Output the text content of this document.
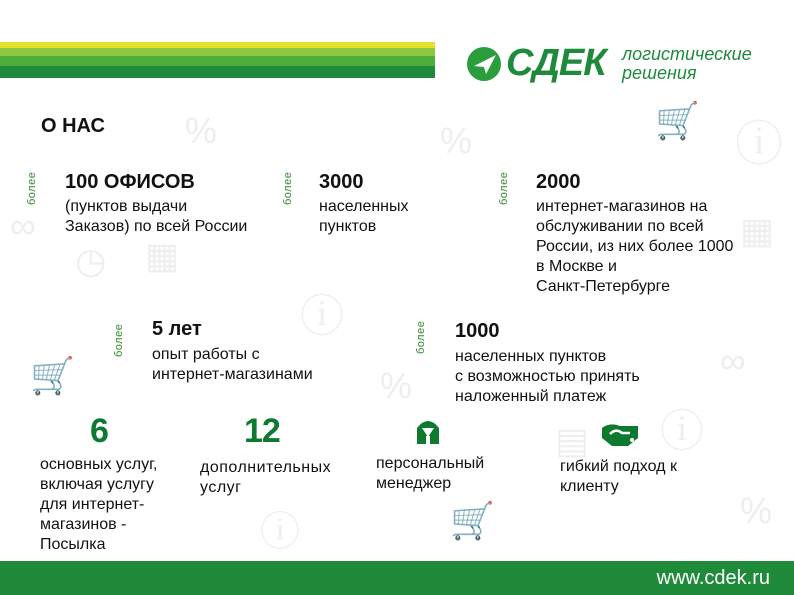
ⓘ
🛒
▦
◷
%
ⓘ
🛒	%
∞
ⓘ
▤
▦
ⓘ	🛒
∞
%
%
СДЕК логистические
решения
О НАС
более 100 ОФИСОВ
(пунктов выдачи
Заказов) по всей России
более 3000
населенных
пунктов
более 2000
интернет-магазинов на
обслуживании по всей
России, из них более 1000
в Москве и
Санкт-Петербурге
более 5 лет
опыт работы с
интернет-магазинами
более 1000
населенных пунктов
с возможностью принять
наложенный платеж
6
основных услуг,
включая услугу
для интернет-
магазинов -
Посылка
12
дополнительных
услуг
персональный
менеджер
гибкий подход к
клиенту
www.cdek.ru
